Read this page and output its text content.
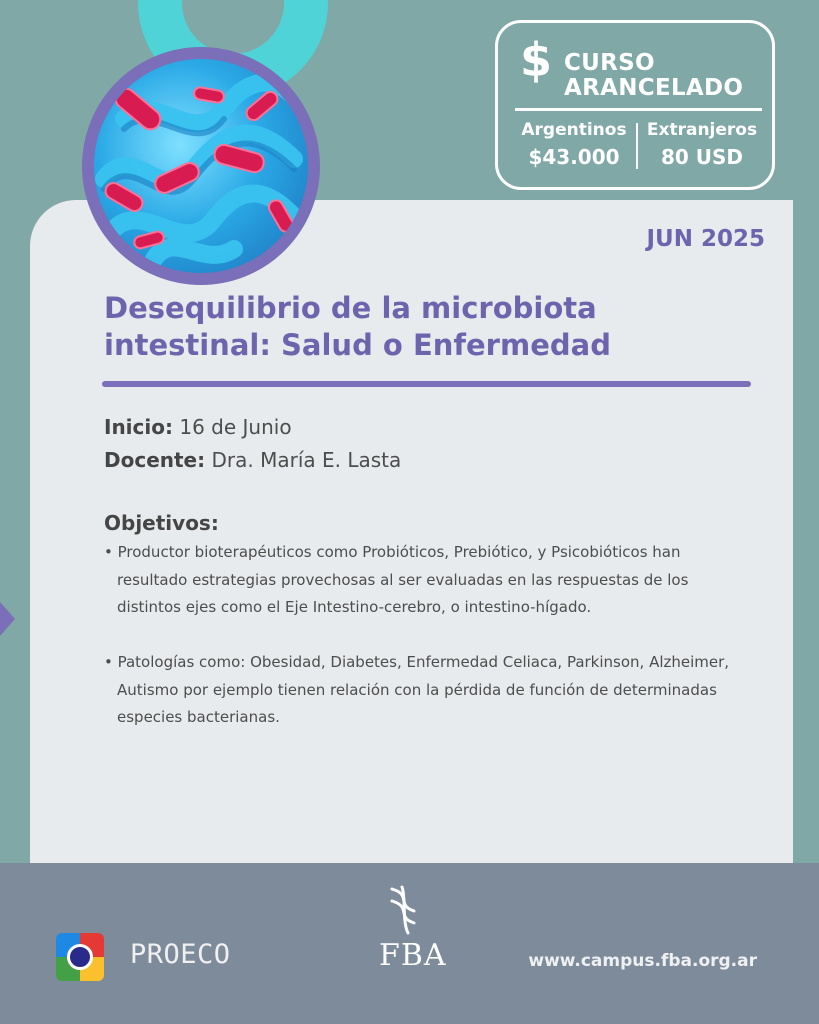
$ CURSO
ARANCELADO
Argentinos
$43.000
Extranjeros
80 USD
JUN 2025
Desequilibrio de la microbiota intestinal: Salud o Enfermedad
Inicio: 16 de Junio
Docente: Dra. María E. Lasta
Objetivos:
• Productor bioterapéuticos como Probióticos, Prebiótico, y Psicobióticos han resultado estrategias provechosas al ser evaluadas en las respuestas de los distintos ejes como el Eje Intestino-cerebro, o intestino-hígado.
• Patologías como: Obesidad, Diabetes, Enfermedad Celiaca, Parkinson, Alzheimer, Autismo por ejemplo tienen relación con la pérdida de función de determinadas especies bacterianas.
PROECO	FBA	www.campus.fba.org.ar
